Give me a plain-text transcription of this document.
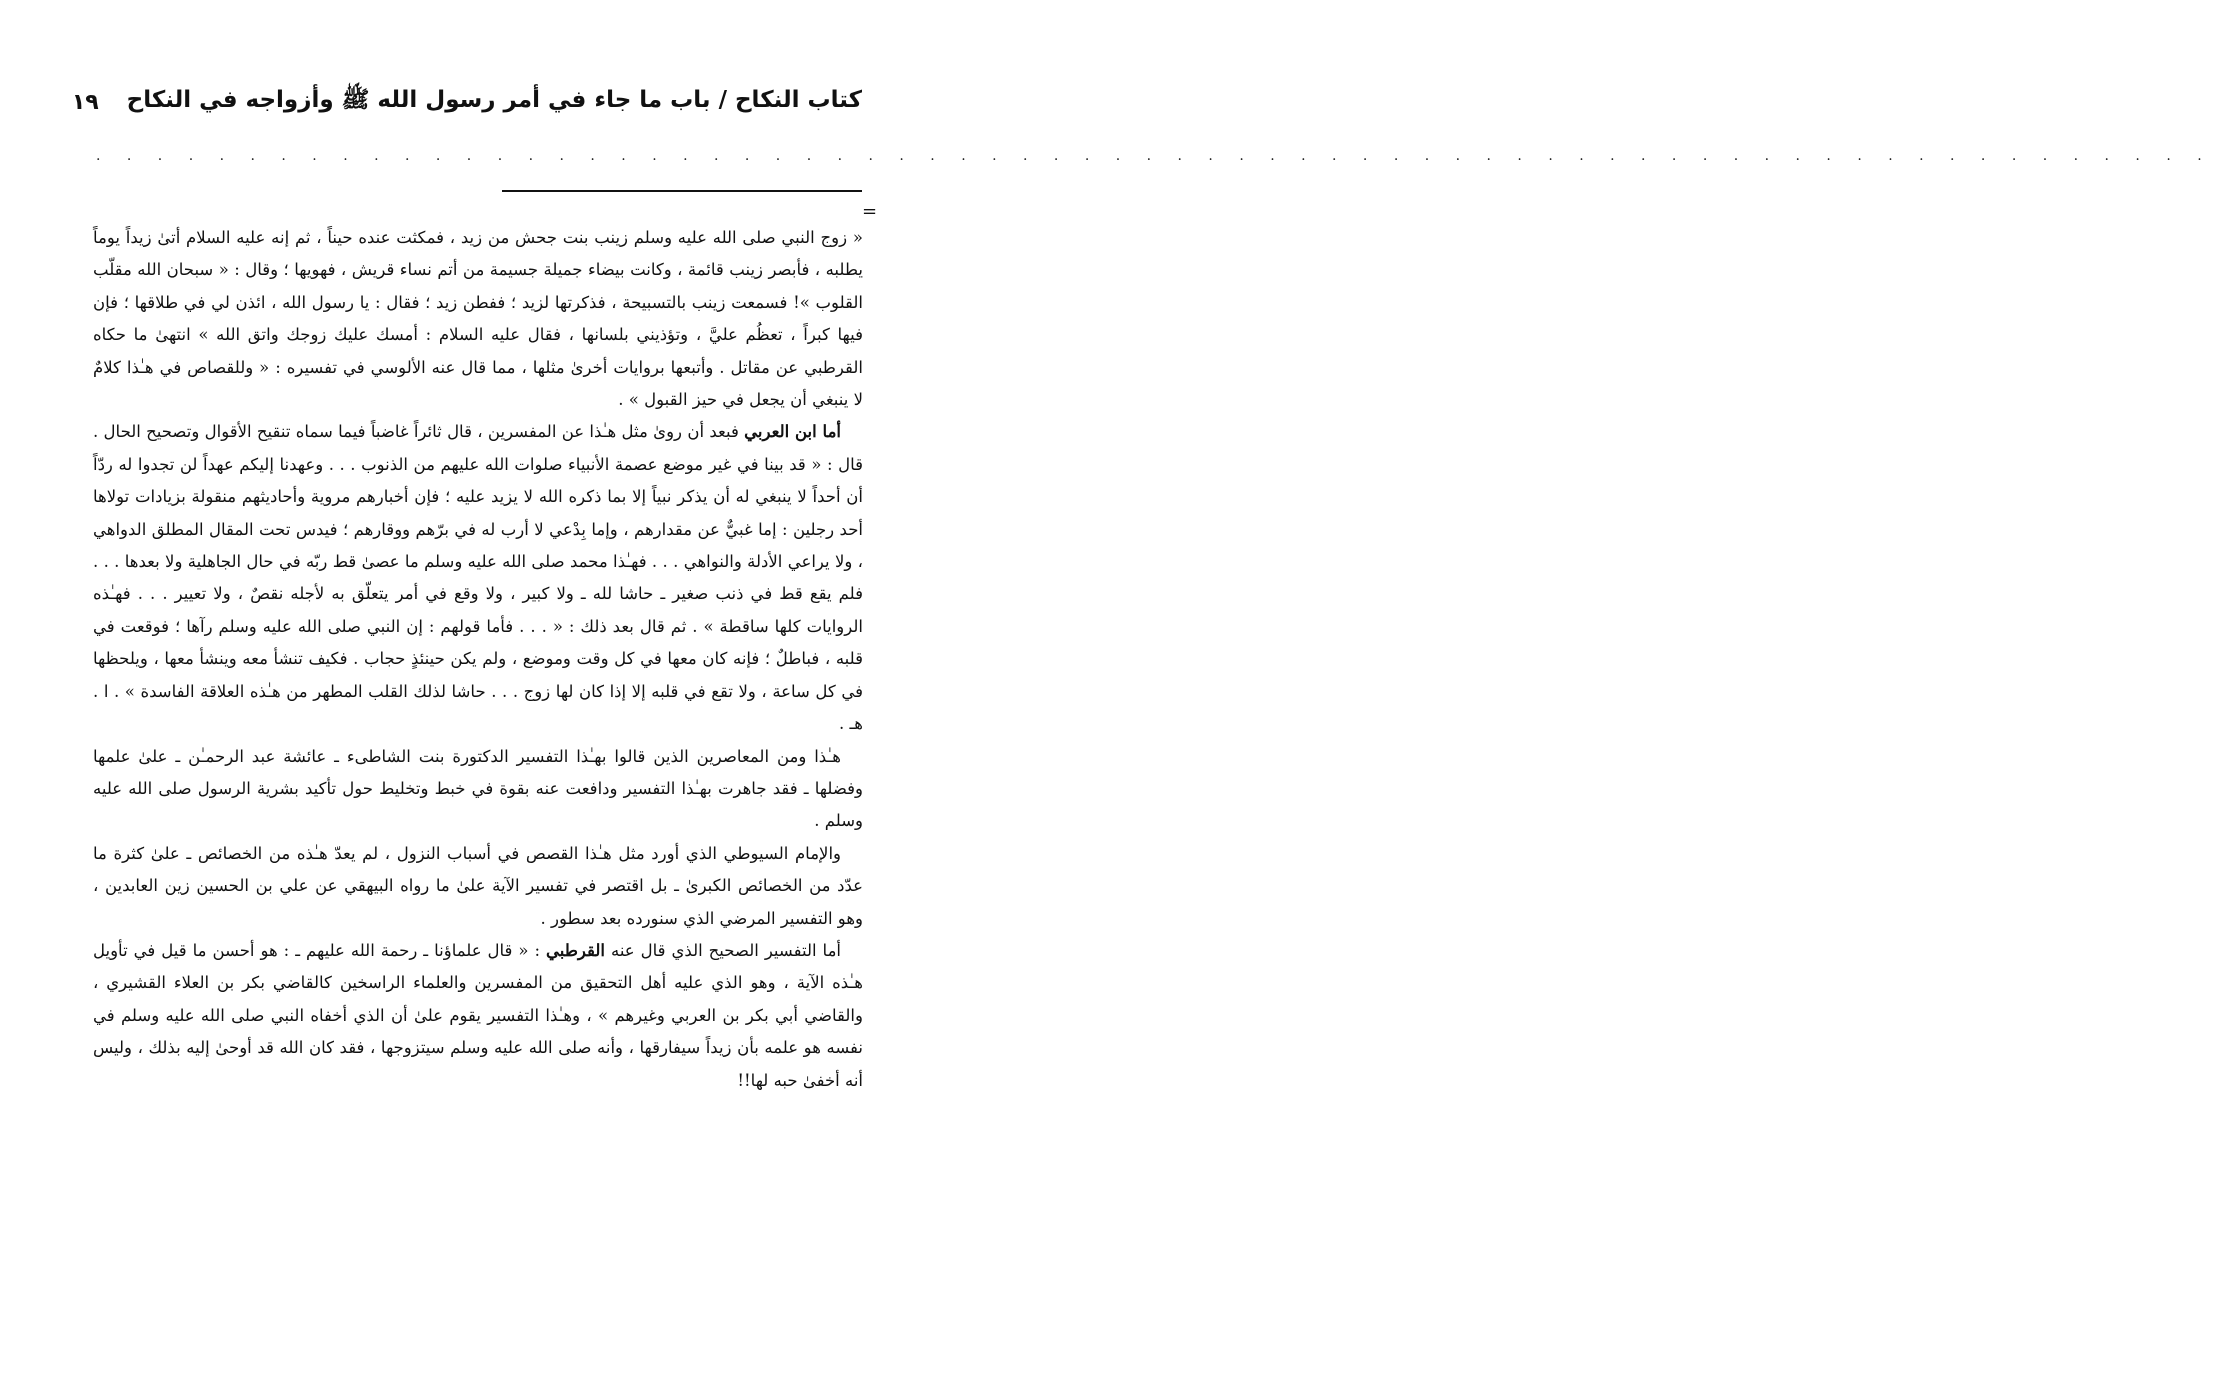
كتاب النكاح / باب ما جاء في أمر رسول الله ﷺ وأزواجه في النكاح
١٩
. . . . . . . . . . . . . . . . . . . . . . . . . . . . . . . . . . . . . . . . . . . . . . . . . . . . . . . . . . . . . . . . . . . . .
=

« زوج النبي صلى الله عليه وسلم زينب بنت جحش من زيد ، فمكثت عنده حيناً ، ثم إنه عليه السلام أتىٰ زيداً يوماً يطلبه ، فأبصر زينب قائمة ، وكانت بيضاء جميلة جسيمة من أتم نساء قريش ، فهويها ؛ وقال : « سبحان الله مقلّب القلوب »! فسمعت زينب بالتسبيحة ، فذكرتها لزيد ؛ ففطن زيد ؛ فقال : يا رسول الله ، ائذن لي في طلاقها ؛ فإن فيها كبراً ، تعظُم عليَّ ، وتؤذيني بلسانها ، فقال عليه السلام : أمسك عليك زوجك واتق الله » انتهىٰ ما حكاه القرطبي عن مقاتل . وأتبعها بروايات أخرىٰ مثلها ، مما قال عنه الألوسي في تفسيره : « وللقصاص في هـٰذا كلامٌ لا ينبغي أن يجعل في حيز القبول » .

أما ابن العربي فبعد أن روىٰ مثل هـٰذا عن المفسرين ، قال ثائراً غاضباً فيما سماه تنقيح الأقوال وتصحيح الحال . قال : « قد بينا في غير موضع عصمة الأنبياء صلوات الله عليهم من الذنوب . . . وعهدنا إليكم عهداً لن تجدوا له ردّاً أن أحداً لا ينبغي له أن يذكر نبياً إلا بما ذكره الله لا يزيد عليه ؛ فإن أخبارهم مروية وأحاديثهم منقولة بزيادات تولاها أحد رجلين : إما غبيٌّ عن مقدارهم ، وإما بِدْعي لا أرب له في برّهم ووقارهم ؛ فيدس تحت المقال المطلق الدواهي ، ولا يراعي الأدلة والنواهي . . . فهـٰذا محمد صلى الله عليه وسلم ما عصىٰ قط ربّه في حال الجاهلية ولا بعدها . . . فلم يقع قط في ذنب صغير ـ حاشا لله ـ ولا كبير ، ولا وقع في أمر يتعلّق به لأجله نقصٌ ، ولا تعيير . . . فهـٰذه الروايات كلها ساقطة » . ثم قال بعد ذلك : « . . . فأما قولهم : إن النبي صلى الله عليه وسلم رآها ؛ فوقعت في قلبه ، فباطلٌ ؛ فإنه كان معها في كل وقت وموضع ، ولم يكن حينئذٍ حجاب . فكيف تنشأ معه وينشأ معها ، ويلحظها في كل ساعة ، ولا تقع في قلبه إلا إذا كان لها زوج . . . حاشا لذلك القلب المطهر من هـٰذه العلاقة الفاسدة » . ا . هـ .

هـٰذا ومن المعاصرين الذين قالوا بهـٰذا التفسير الدكتورة بنت الشاطىء ـ عائشة عبد الرحمـٰن ـ علىٰ علمها وفضلها ـ فقد جاهرت بهـٰذا التفسير ودافعت عنه بقوة في خبط وتخليط حول تأكيد بشرية الرسول صلى الله عليه وسلم .

والإمام السيوطي الذي أورد مثل هـٰذا القصص في أسباب النزول ، لم يعدّ هـٰذه من الخصائص ـ علىٰ كثرة ما عدّد من الخصائص الكبرىٰ ـ بل اقتصر في تفسير الآية علىٰ ما رواه البيهقي عن علي بن الحسين زين العابدين ، وهو التفسير المرضي الذي سنورده بعد سطور .

أما التفسير الصحيح الذي قال عنه القرطبي : « قال علماؤنا ـ رحمة الله عليهم ـ : هو أحسن ما قيل في تأويل هـٰذه الآية ، وهو الذي عليه أهل التحقيق من المفسرين والعلماء الراسخين كالقاضي بكر بن العلاء القشيري ، والقاضي أبي بكر بن العربي وغيرهم » ، وهـٰذا التفسير يقوم علىٰ أن الذي أخفاه النبي صلى الله عليه وسلم في نفسه هو علمه بأن زيداً سيفارقها ، وأنه صلى الله عليه وسلم سيتزوجها ، فقد كان الله قد أوحىٰ إليه بذلك ، وليس أنه أخفىٰ حبه لها!!
